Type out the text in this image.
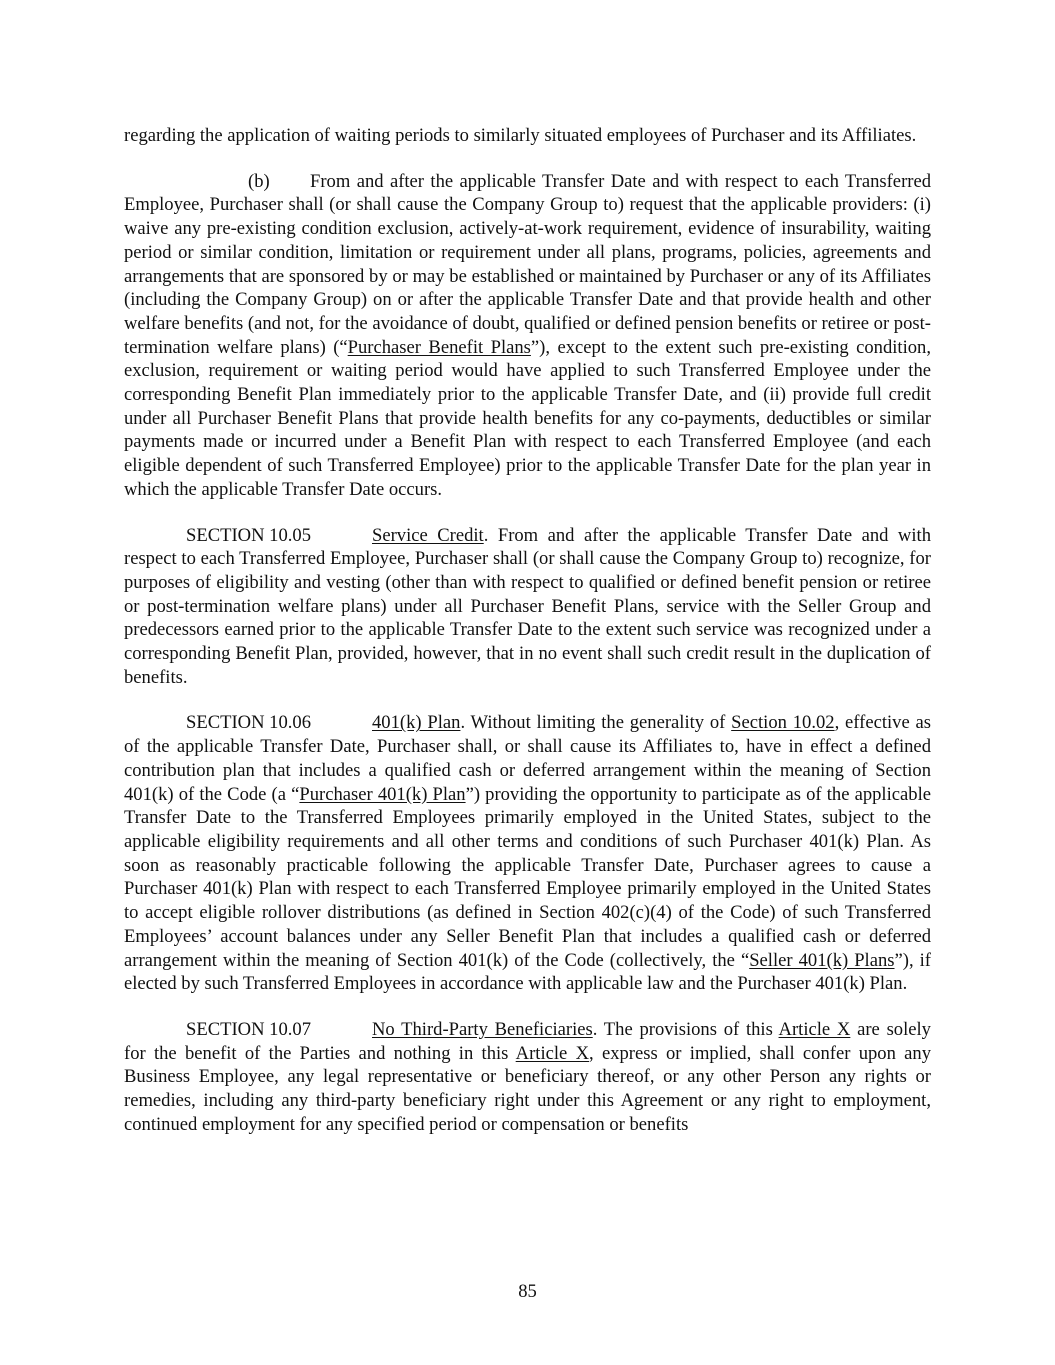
regarding the application of waiting periods to similarly situated employees of Purchaser and its Affiliates.

(b) From and after the applicable Transfer Date and with respect to each Transferred Employee, Purchaser shall (or shall cause the Company Group to) request that the applicable providers: (i) waive any pre-existing condition exclusion, actively-at-work requirement, evidence of insurability, waiting period or similar condition, limitation or requirement under all plans, programs, policies, agreements and arrangements that are sponsored by or may be established or maintained by Purchaser or any of its Affiliates (including the Company Group) on or after the applicable Transfer Date and that provide health and other welfare benefits (and not, for the avoidance of doubt, qualified or defined pension benefits or retiree or post-termination welfare plans) (“Purchaser Benefit Plans”), except to the extent such pre-existing condition, exclusion, requirement or waiting period would have applied to such Transferred Employee under the corresponding Benefit Plan immediately prior to the applicable Transfer Date, and (ii) provide full credit under all Purchaser Benefit Plans that provide health benefits for any co-payments, deductibles or similar payments made or incurred under a Benefit Plan with respect to each Transferred Employee (and each eligible dependent of such Transferred Employee) prior to the applicable Transfer Date for the plan year in which the applicable Transfer Date occurs.

SECTION 10.05	Service Credit. From and after the applicable Transfer Date and with respect to each Transferred Employee, Purchaser shall (or shall cause the Company Group to) recognize, for purposes of eligibility and vesting (other than with respect to qualified or defined benefit pension or retiree or post-termination welfare plans) under all Purchaser Benefit Plans, service with the Seller Group and predecessors earned prior to the applicable Transfer Date to the extent such service was recognized under a corresponding Benefit Plan, provided, however, that in no event shall such credit result in the duplication of benefits.

SECTION 10.06	401(k) Plan. Without limiting the generality of Section 10.02, effective as of the applicable Transfer Date, Purchaser shall, or shall cause its Affiliates to, have in effect a defined contribution plan that includes a qualified cash or deferred arrangement within the meaning of Section 401(k) of the Code (a “Purchaser 401(k) Plan”) providing the opportunity to participate as of the applicable Transfer Date to the Transferred Employees primarily employed in the United States, subject to the applicable eligibility requirements and all other terms and conditions of such Purchaser 401(k) Plan. As soon as reasonably practicable following the applicable Transfer Date, Purchaser agrees to cause a Purchaser 401(k) Plan with respect to each Transferred Employee primarily employed in the United States to accept eligible rollover distributions (as defined in Section 402(c)(4) of the Code) of such Transferred Employees’ account balances under any Seller Benefit Plan that includes a qualified cash or deferred arrangement within the meaning of Section 401(k) of the Code (collectively, the “Seller 401(k) Plans”), if elected by such Transferred Employees in accordance with applicable law and the Purchaser 401(k) Plan.

SECTION 10.07	No Third-Party Beneficiaries. The provisions of this Article X are solely for the benefit of the Parties and nothing in this Article X, express or implied, shall confer upon any Business Employee, any legal representative or beneficiary thereof, or any other Person any rights or remedies, including any third-party beneficiary right under this Agreement or any right to employment, continued employment for any specified period or compensation or benefits

85
